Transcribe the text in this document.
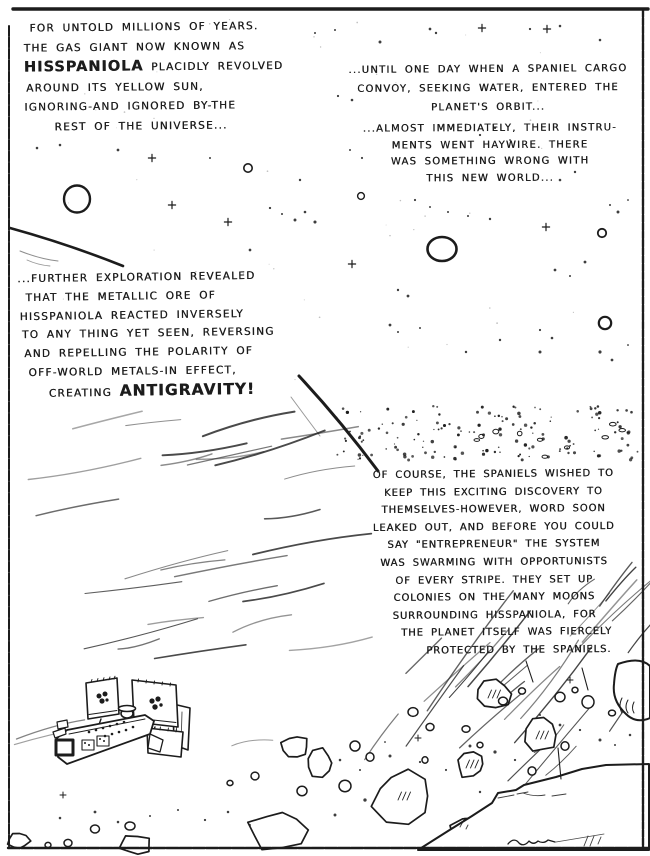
FOR UNTOLD MILLIONS OF YEARS.
THE GAS GIANT NOW KNOWN AS
HISSPANIOLA PLACIDLY REVOLVED
AROUND ITS YELLOW SUN,
IGNORING-AND IGNORED BY-THE
REST OF THE UNIVERSE...
...UNTIL ONE DAY WHEN A SPANIEL CARGO
CONVOY, SEEKING WATER, ENTERED THE
PLANET'S ORBIT...
...ALMOST IMMEDIATELY, THEIR INSTRU-
MENTS WENT HAYWIRE. THERE
WAS SOMETHING WRONG WITH
THIS NEW WORLD...
...FURTHER EXPLORATION REVEALED
THAT THE METALLIC ORE OF
HISSPANIOLA REACTED INVERSELY
TO ANY THING YET SEEN, REVERSING
AND REPELLING THE POLARITY OF
OFF-WORLD METALS-IN EFFECT,
CREATING ANTIGRAVITY!
OF COURSE, THE SPANIELS WISHED TO
KEEP THIS EXCITING DISCOVERY TO
THEMSELVES-HOWEVER, WORD SOON
LEAKED OUT, AND BEFORE YOU COULD
SAY "ENTREPRENEUR" THE SYSTEM
WAS SWARMING WITH OPPORTUNISTS
OF EVERY STRIPE. THEY SET UP
COLONIES ON THE MANY MOONS
SURROUNDING HISSPANIOLA, FOR
THE PLANET ITSELF WAS FIERCELY
PROTECTED BY THE SPANIELS.
